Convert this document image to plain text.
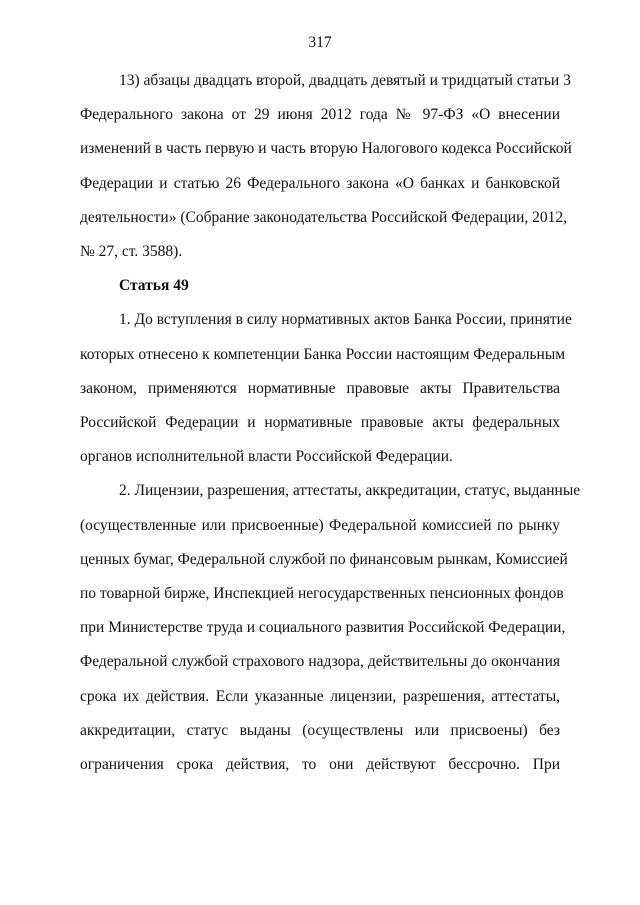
317
13) абзацы двадцать второй, двадцать девятый и тридцатый статьи 3
Федерального закона от 29 июня 2012 года № 97-ФЗ «О внесении
изменений в часть первую и часть вторую Налогового кодекса Российской
Федерации и статью 26 Федерального закона «О банках и банковской
деятельности» (Собрание законодательства Российской Федерации, 2012,
№ 27, ст. 3588).
Статья 49
1. До вступления в силу нормативных актов Банка России, принятие
которых отнесено к компетенции Банка России настоящим Федеральным
законом, применяются нормативные правовые акты Правительства
Российской Федерации и нормативные правовые акты федеральных
органов исполнительной власти Российской Федерации.
2. Лицензии, разрешения, аттестаты, аккредитации, статус, выданные
(осуществленные или присвоенные) Федеральной комиссией по рынку
ценных бумаг, Федеральной службой по финансовым рынкам, Комиссией
по товарной бирже, Инспекцией негосударственных пенсионных фондов
при Министерстве труда и социального развития Российской Федерации,
Федеральной службой страхового надзора, действительны до окончания
срока их действия. Если указанные лицензии, разрешения, аттестаты,
аккредитации, статус выданы (осуществлены или присвоены) без
ограничения срока действия, то они действуют бессрочно. При
